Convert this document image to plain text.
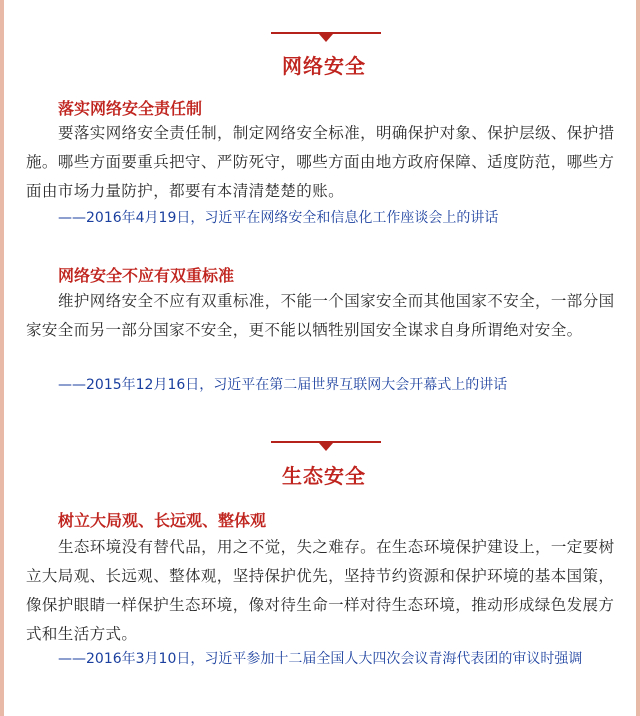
网络安全
落实网络安全责任制
要落实网络安全责任制，制定网络安全标准，明确保护对象、保护层级、保护措施。哪些方面要重兵把守、严防死守，哪些方面由地方政府保障、适度防范，哪些方面由市场力量防护，都要有本清清楚楚的账。
——2016年4月19日，习近平在网络安全和信息化工作座谈会上的讲话
网络安全不应有双重标准
维护网络安全不应有双重标准，不能一个国家安全而其他国家不安全，一部分国家安全而另一部分国家不安全，更不能以牺牲别国安全谋求自身所谓绝对安全。
——2015年12月16日，习近平在第二届世界互联网大会开幕式上的讲话
生态安全
树立大局观、长远观、整体观
生态环境没有替代品，用之不觉，失之难存。在生态环境保护建设上，一定要树立大局观、长远观、整体观，坚持保护优先，坚持节约资源和保护环境的基本国策，像保护眼睛一样保护生态环境，像对待生命一样对待生态环境，推动形成绿色发展方式和生活方式。
——2016年3月10日，习近平参加十二届全国人大四次会议青海代表团的审议时强调
